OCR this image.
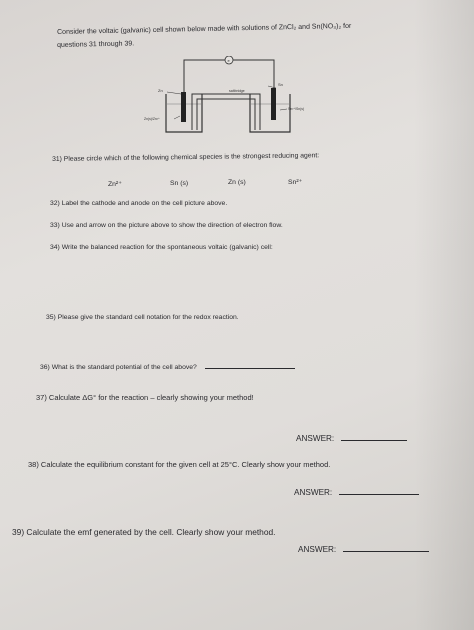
Consider the voltaic (galvanic) cell shown below made with solutions of ZnCl₂ and Sn(NO₃)₂ for
questions 31 through 39.
e
Zn
Sn
saltbridge
Zn(s)/Zn²⁺
Sn²⁺/Sn(s)
31) Please circle which of the following chemical species is the strongest reducing agent:
Zn²⁺	Sn (s)	Zn (s)	Sn²⁺
32) Label the cathode and anode on the cell picture above.
33) Use and arrow on the picture above to show the direction of electron flow.
34) Write the balanced reaction for the spontaneous voltaic (galvanic) cell:
35) Please give the standard cell notation for the redox reaction.
36) What is the standard potential of the cell above?
37) Calculate ΔG° for the reaction – clearly showing your method!
ANSWER:
38) Calculate the equilibrium constant for the given cell at 25°C. Clearly show your method.
ANSWER:
39) Calculate the emf generated by the cell. Clearly show your method.
ANSWER:
